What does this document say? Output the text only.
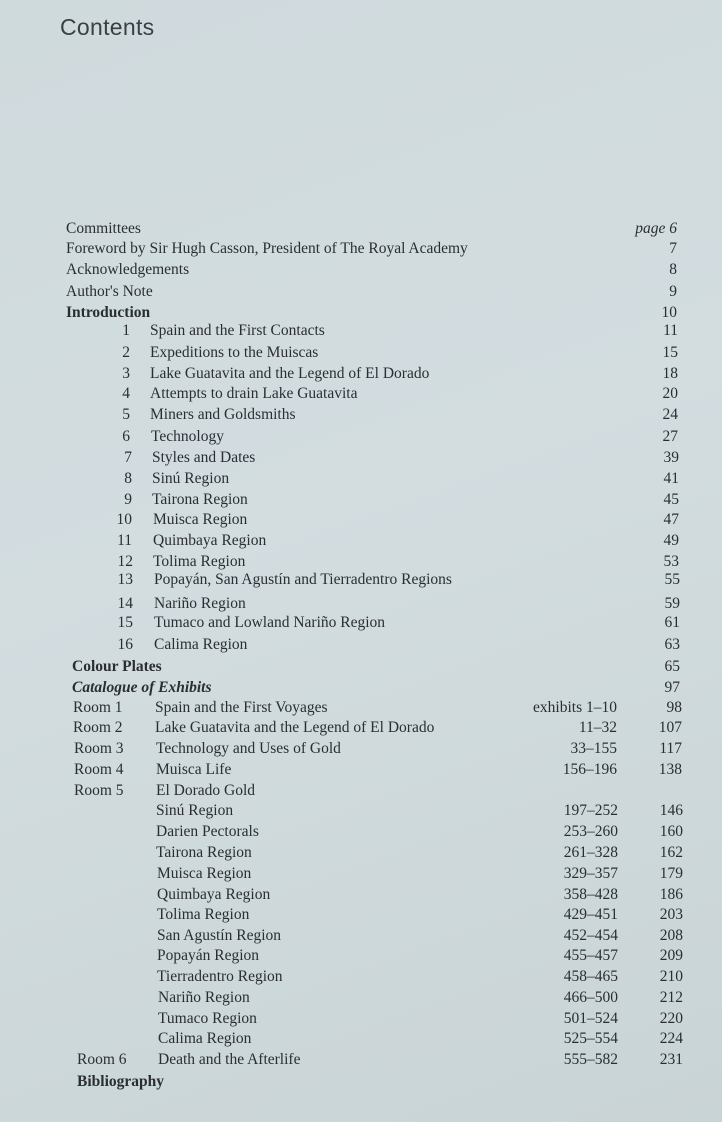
Contents
Committees	page 6
Foreword by Sir Hugh Casson, President of The Royal Academy	7
Acknowledgements	8
Author's Note	9
Introduction	10
1 Spain and the First Contacts	11
2 Expeditions to the Muiscas	15
3 Lake Guatavita and the Legend of El Dorado	18
4 Attempts to drain Lake Guatavita	20
5 Miners and Goldsmiths	24
6 Technology	27
7 Styles and Dates	39
8 Sinú Region	41
9 Tairona Region	45
10 Muisca Region	47
11 Quimbaya Region	49
12 Tolima Region	53
13 Popayán, San Agustín and Tierradentro Regions	55
14 Nariño Region	59
15 Tumaco and Lowland Nariño Region	61
16 Calima Region	63
Colour Plates	65
Catalogue of Exhibits	97
Room 1 Spain and the First Voyages	exhibits 1–10	98
Room 2 Lake Guatavita and the Legend of El Dorado	11–32	107
Room 3 Technology and Uses of Gold	33–155	117
Room 4 Muisca Life	156–196	138
Room 5 El Dorado Gold
Sinú Region	197–252	146
Darien Pectorals	253–260	160
Tairona Region	261–328	162
Muisca Region	329–357	179
Quimbaya Region	358–428	186
Tolima Region	429–451	203
San Agustín Region	452–454	208
Popayán Region	455–457	209
Tierradentro Region	458–465	210
Nariño Region	466–500	212
Tumaco Region	501–524	220
Calima Region	525–554	224
Room 6 Death and the Afterlife	555–582	231
Bibliography
